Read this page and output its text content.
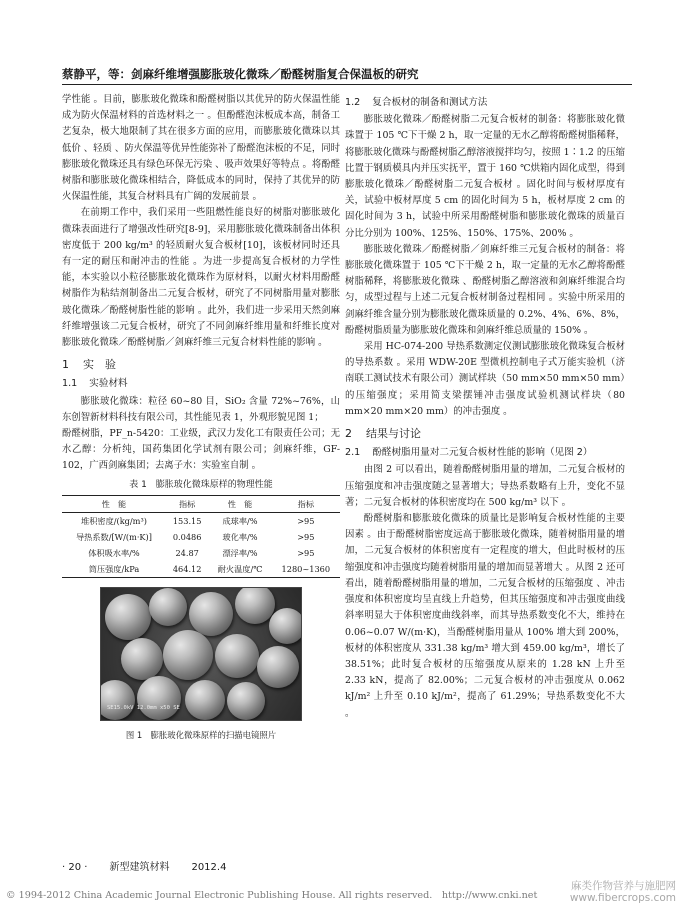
蔡静平，等：剑麻纤维增强膨胀玻化微珠／酚醛树脂复合保温板的研究

学性能 。目前，膨胀玻化微珠和酚醛树脂以其优异的防火保温性能成为防火保温材料的首选材料之一 。但酚醛泡沫板成本高，制备工艺复杂，极大地限制了其在很多方面的应用，而膨胀玻化微珠以其低价 、轻质 、防火保温等优异性能弥补了酚醛泡沫板的不足，同时膨胀玻化微珠还具有绿色环保无污染 、吸声效果好等特点 。将酚醛树脂和膨胀玻化微珠相结合，降低成本的同时，保持了其优异的防火保温性能，其复合材料具有广阔的发展前景 。

在前期工作中，我们采用一些阻燃性能良好的树脂对膨胀玻化微珠表面进行了增强改性研究[8-9]，采用膨胀玻化微珠制备出体积密度低于 200 kg/m³ 的轻质耐火复合板材[10]，该板材同时还具有一定的耐压和耐冲击的性能 。为进一步提高复合板材的力学性能，本实验以小粒径膨胀玻化微珠作为原材料，以耐火材料用酚醛树脂作为粘结剂制备出二元复合板材，研究了不同树脂用量对膨胀玻化微珠／酚醛树脂性能的影响 。此外，我们进一步采用天然剑麻纤维增强该二元复合板材，研究了不同剑麻纤维用量和纤维长度对膨胀玻化微珠／酚醛树脂／剑麻纤维三元复合材料性能的影响 。

1 实　验
1.1 实验材料

膨胀玻化微珠：粒径 60~80 目，SiO₂ 含量 72%~76%，山东创智新材料科技有限公司，其性能见表 1，外观形貌见图 1；

酚醛树脂，PF_n-5420：工业级，武汉力发化工有限责任公司；无水乙醇：分析纯，国药集团化学试剂有限公司；剑麻纤维，GF-102，广西剑麻集团；去离子水：实验室自制 。

表 1　膨胀玻化微珠原样的物理性能
性　能	指标	性　能	指标
堆积密度/(kg/m³)	153.15	成球率/%	>95
导热系数/[W/(m·K)]	0.0486	玻化率/%	>95
体积吸水率/%	24.87	漂浮率/%	>95
筒压强度/kPa	464.12	耐火温度/℃	1280~1360
SE15.0kV 12.0mm x50 SE
图 1　膨胀玻化微珠原样的扫描电镜照片
1.2 复合板材的制备和测试方法

膨胀玻化微珠／酚醛树脂二元复合板材的制备：将膨胀玻化微珠置于 105 ℃下干燥 2 h，取一定量的无水乙醇将酚醛树脂稀释，将膨胀玻化微珠与酚醛树脂乙醇溶液搅拌均匀，按照 1∶1.2 的压缩比置于钢质模具内并压实抚平，置于 160 ℃烘箱内固化成型，得到膨胀玻化微珠／酚醛树脂二元复合板材 。固化时间与板材厚度有关，试验中板材厚度 5 cm 的固化时间为 5 h，板材厚度 2 cm 的固化时间为 3 h，试验中所采用酚醛树脂和膨胀玻化微珠的质量百分比分别为 100%、125%、150%、175%、200% 。

膨胀玻化微珠／酚醛树脂／剑麻纤维三元复合板材的制备：将膨胀玻化微珠置于 105 ℃下干燥 2 h，取一定量的无水乙醇将酚醛树脂稀释，将膨胀玻化微珠 、酚醛树脂乙醇溶液和剑麻纤维混合均匀，成型过程与上述二元复合板材制备过程相同 。实验中所采用的剑麻纤维含量分别为膨胀玻化微珠质量的 0.2%、4%、6%、8%，酚醛树脂质量为膨胀玻化微珠和剑麻纤维总质量的 150% 。

采用 HC-074-200 导热系数测定仪测试膨胀玻化微珠复合板材的导热系数 。采用 WDW-20E 型微机控制电子式万能实验机（济南联工测试技术有限公司）测试样块（50 mm×50 mm×50 mm）的压缩强度；采用简支梁摆锤冲击强度试验机测试样块（80 mm×20 mm×20 mm）的冲击强度 。

2 结果与讨论
2.1 酚醛树脂用量对二元复合板材性能的影响（见图 2）

由图 2 可以看出，随着酚醛树脂用量的增加，二元复合板材的压缩强度和冲击强度随之显著增大；导热系数略有上升，变化不显著；二元复合板材的体积密度均在 500 kg/m³ 以下 。

酚醛树脂和膨胀玻化微珠的质量比是影响复合板材性能的主要因素 。由于酚醛树脂密度远高于膨胀玻化微珠，随着树脂用量的增加，二元复合板材的体积密度有一定程度的增大，但此时板材的压缩强度和冲击强度均随着树脂用量的增加而显著增大 。从图 2 还可看出，随着酚醛树脂用量的增加，二元复合板材的压缩强度 、冲击强度和体积密度均呈直线上升趋势，但其压缩强度和冲击强度曲线斜率明显大于体积密度曲线斜率，而其导热系数变化不大，维持在 0.06~0.07 W/(m·K)，当酚醛树脂用量从 100% 增大到 200%，板材的体积密度从 331.38 kg/m³ 增大到 459.00 kg/m³，增长了 38.51%；此时复合板材的压缩强度从原来的 1.28 kN 上升至 2.33 kN，提高了 82.00%；二元复合板材的冲击强度从 0.062 kJ/m² 上升至 0.10 kJ/m²，提高了 61.29%；导热系数变化不大 。

· 20 · 新型建筑材料 2012.4
© 1994-2012 China Academic Journal Electronic Publishing House. All rights reserved.　http://www.cnki.net
麻类作物营养与施肥网
www.fibercrops.com
